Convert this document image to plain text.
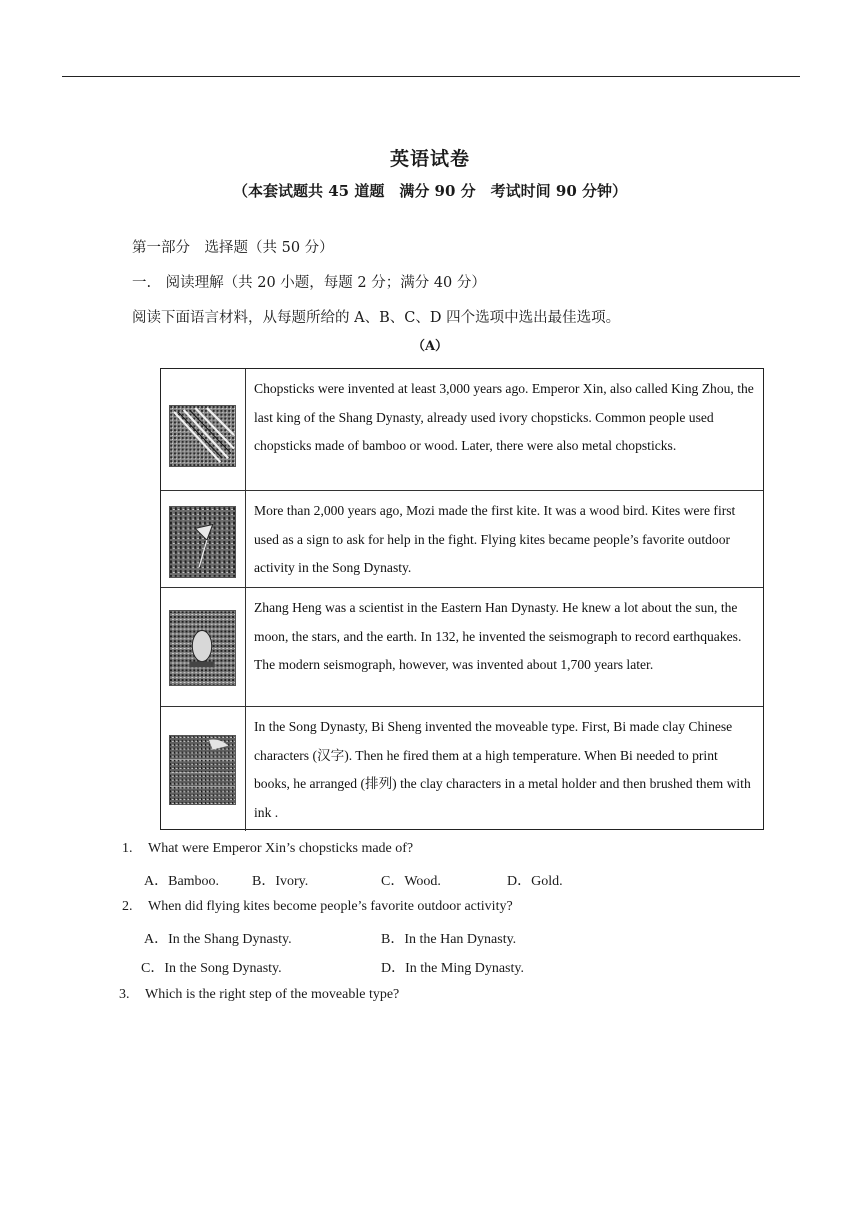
英语试卷
（本套试题共 45 道题　满分 90 分　考试时间 90 分钟）
第一部分　选择题（共 50 分）
一.　阅读理解（共 20 小题，每题 2 分；满分 40 分）
阅读下面语言材料，从每题所给的 A、B、C、D 四个选项中选出最佳选项。
（A）
Chopsticks were invented at least 3,000 years ago. Emperor Xin, also called King Zhou, the last king of the Shang Dynasty, already used ivory chopsticks. Common people used chopsticks made of bamboo or wood. Later, there were also metal chopsticks.
More than 2,000 years ago, Mozi made the first kite. It was a wood bird. Kites were first used as a sign to ask for help in the fight. Flying kites became people’s favorite outdoor activity in the Song Dynasty.
Zhang Heng was a scientist in the Eastern Han Dynasty. He knew a lot about the sun, the moon, the stars, and the earth. In 132, he invented the seismograph to record earthquakes. The modern seismograph, however, was invented about 1,700 years later.
In the Song Dynasty, Bi Sheng invented the moveable type. First, Bi made clay Chinese characters (汉字). Then he fired them at a high temperature. When Bi needed to print books, he arranged (排列) the clay characters in a metal holder and then brushed them with ink .
1. What were Emperor Xin’s chopsticks made of?
A．Bamboo. B．Ivory.	C．Wood.	D．Gold.
2. When did flying kites become people’s favorite outdoor activity?
A．In the Shang Dynasty.	B．In the Han Dynasty.
C．In the Song Dynasty.	D．In the Ming Dynasty.
3. Which is the right step of the moveable type?
